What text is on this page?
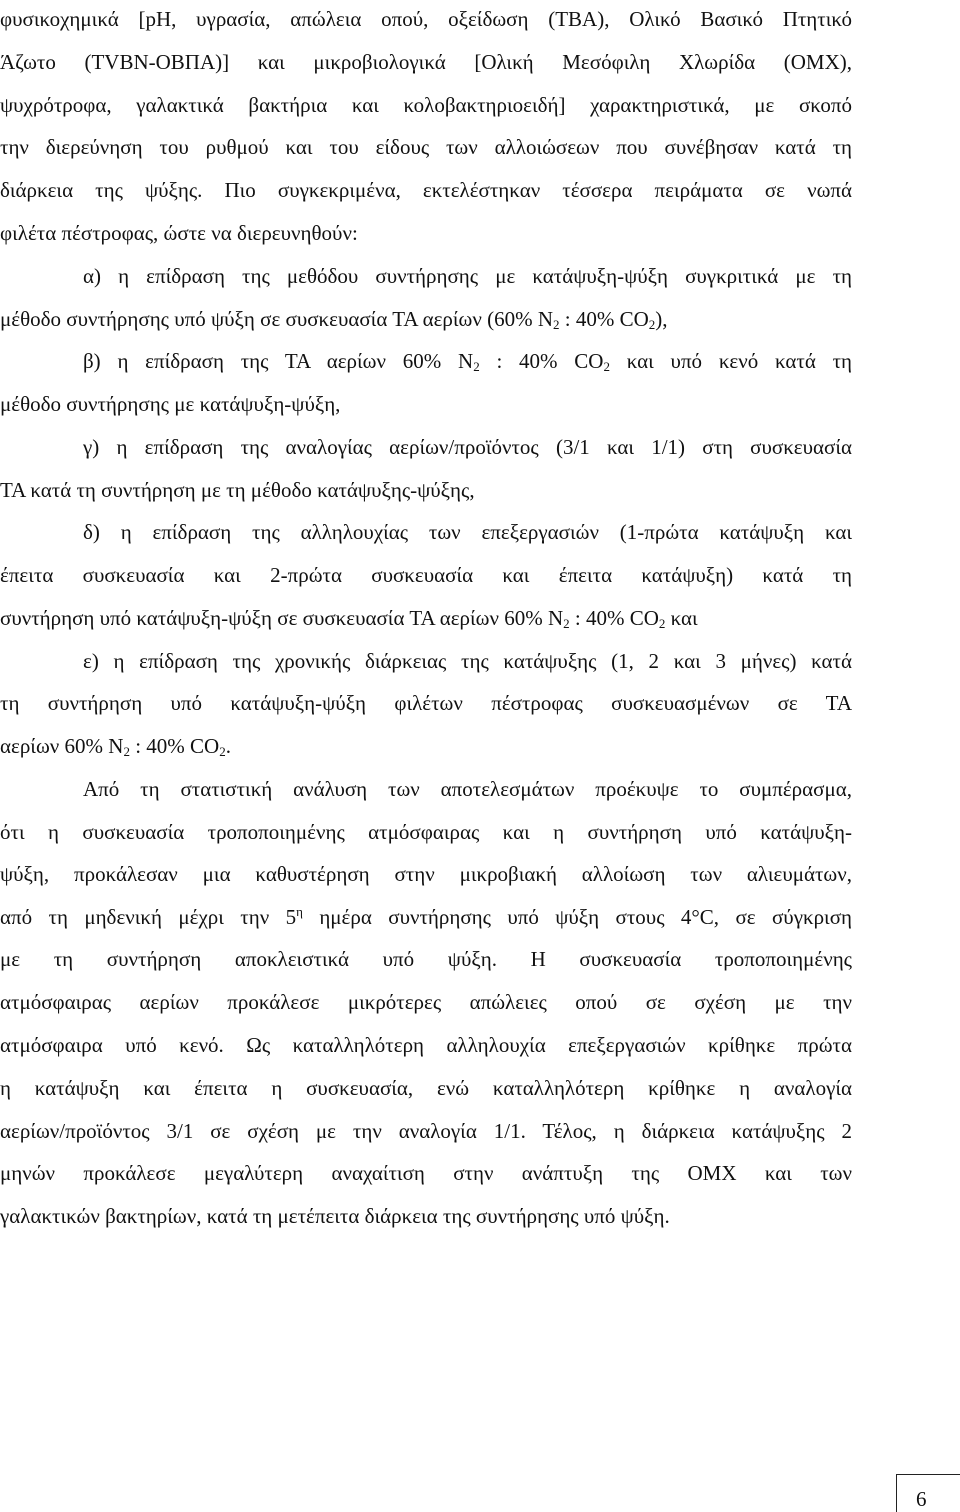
φυσικοχημικά [pH, υγρασία, απώλεια οπού, οξείδωση (TBA), Ολικό Βασικό Πτητικό
Άζωτο (TVBN-ΟΒΠΑ)] και μικροβιολογικά [Ολική Μεσόφιλη Χλωρίδα (ΟΜΧ),
ψυχρότροφα, γαλακτικά βακτήρια και κολοβακτηριοειδή] χαρακτηριστικά, με σκοπό
την διερεύνηση του ρυθμού και του είδους των αλλοιώσεων που συνέβησαν κατά τη
διάρκεια της ψύξης. Πιο συγκεκριμένα, εκτελέστηκαν τέσσερα πειράματα σε νωπά
φιλέτα πέστροφας, ώστε να διερευνηθούν:
α) η επίδραση της μεθόδου συντήρησης με κατάψυξη-ψύξη συγκριτικά με τη
μέθοδο συντήρησης υπό ψύξη σε συσκευασία ΤΑ αερίων (60% $N_2$ : 40% $CO_2$),
β) η επίδραση της ΤΑ αερίων 60% $N_2$ : 40% $CO_2$ και υπό κενό κατά τη
μέθοδο συντήρησης με κατάψυξη-ψύξη,
γ) η επίδραση της αναλογίας αερίων/προϊόντος (3/1 και 1/1) στη συσκευασία
ΤΑ κατά τη συντήρηση με τη μέθοδο κατάψυξης-ψύξης,
δ) η επίδραση της αλληλουχίας των επεξεργασιών (1-πρώτα κατάψυξη και
έπειτα συσκευασία και 2-πρώτα συσκευασία και έπειτα κατάψυξη) κατά τη
συντήρηση υπό κατάψυξη-ψύξη σε συσκευασία ΤΑ αερίων 60% $N_2$ : 40% $CO_2$ και
ε) η επίδραση της χρονικής διάρκειας της κατάψυξης (1, 2 και 3 μήνες) κατά
τη συντήρηση υπό κατάψυξη-ψύξη φιλέτων πέστροφας συσκευασμένων σε ΤΑ
αερίων 60% $N_2$ : 40% $CO_2$.
Από τη στατιστική ανάλυση των αποτελεσμάτων προέκυψε το συμπέρασμα,
ότι η συσκευασία τροποποιημένης ατμόσφαιρας και η συντήρηση υπό κατάψυξη-
ψύξη, προκάλεσαν μια καθυστέρηση στην μικροβιακή αλλοίωση των αλιευμάτων,
από τη μηδενική μέχρι την $5^\eta$ ημέρα συντήρησης υπό ψύξη στους 4°C, σε σύγκριση
με τη συντήρηση αποκλειστικά υπό ψύξη. Η συσκευασία τροποποιημένης
ατμόσφαιρας αερίων προκάλεσε μικρότερες απώλειες οπού σε σχέση με την
ατμόσφαιρα υπό κενό. Ως καταλληλότερη αλληλουχία επεξεργασιών κρίθηκε πρώτα
η κατάψυξη και έπειτα η συσκευασία, ενώ καταλληλότερη κρίθηκε η αναλογία
αερίων/προϊόντος 3/1 σε σχέση με την αναλογία 1/1. Τέλος, η διάρκεια κατάψυξης 2
μηνών προκάλεσε μεγαλύτερη αναχαίτιση στην ανάπτυξη της ΟΜΧ και των
γαλακτικών βακτηρίων, κατά τη μετέπειτα διάρκεια της συντήρησης υπό ψύξη.
6
